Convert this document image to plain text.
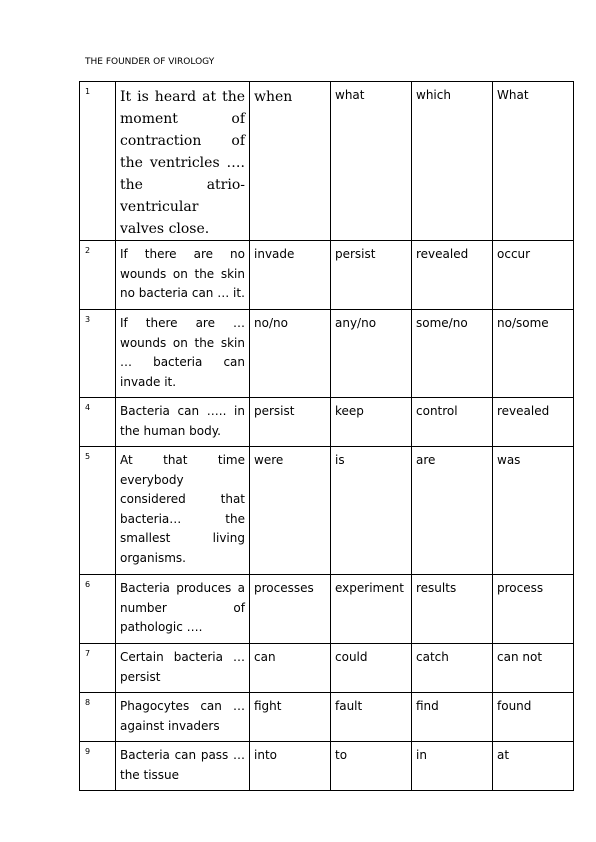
THE FOUNDER OF VIROLOGY
1	It is heard at the moment of contraction of the ventricles …. the atrio-ventricular valves close.	when	what	which	What
2	If there are no wounds on the skin no bacteria can … it.	invade	persist	revealed	occur
3	If there are … wounds on the skin … bacteria can invade it.	no/no	any/no	some/no	no/some
4	Bacteria can ….. in the human body.	persist	keep	control	revealed
5	At that time everybody considered that bacteria… the smallest living organisms.	were	is	are	was
6	Bacteria produces a number of pathologic ….	processes	experiment	results	process
7	Certain bacteria … persist	can	could	catch	can not
8	Phagocytes can … against invaders	fight	fault	find	found
9	Bacteria can pass … the tissue	into	to	in	at
